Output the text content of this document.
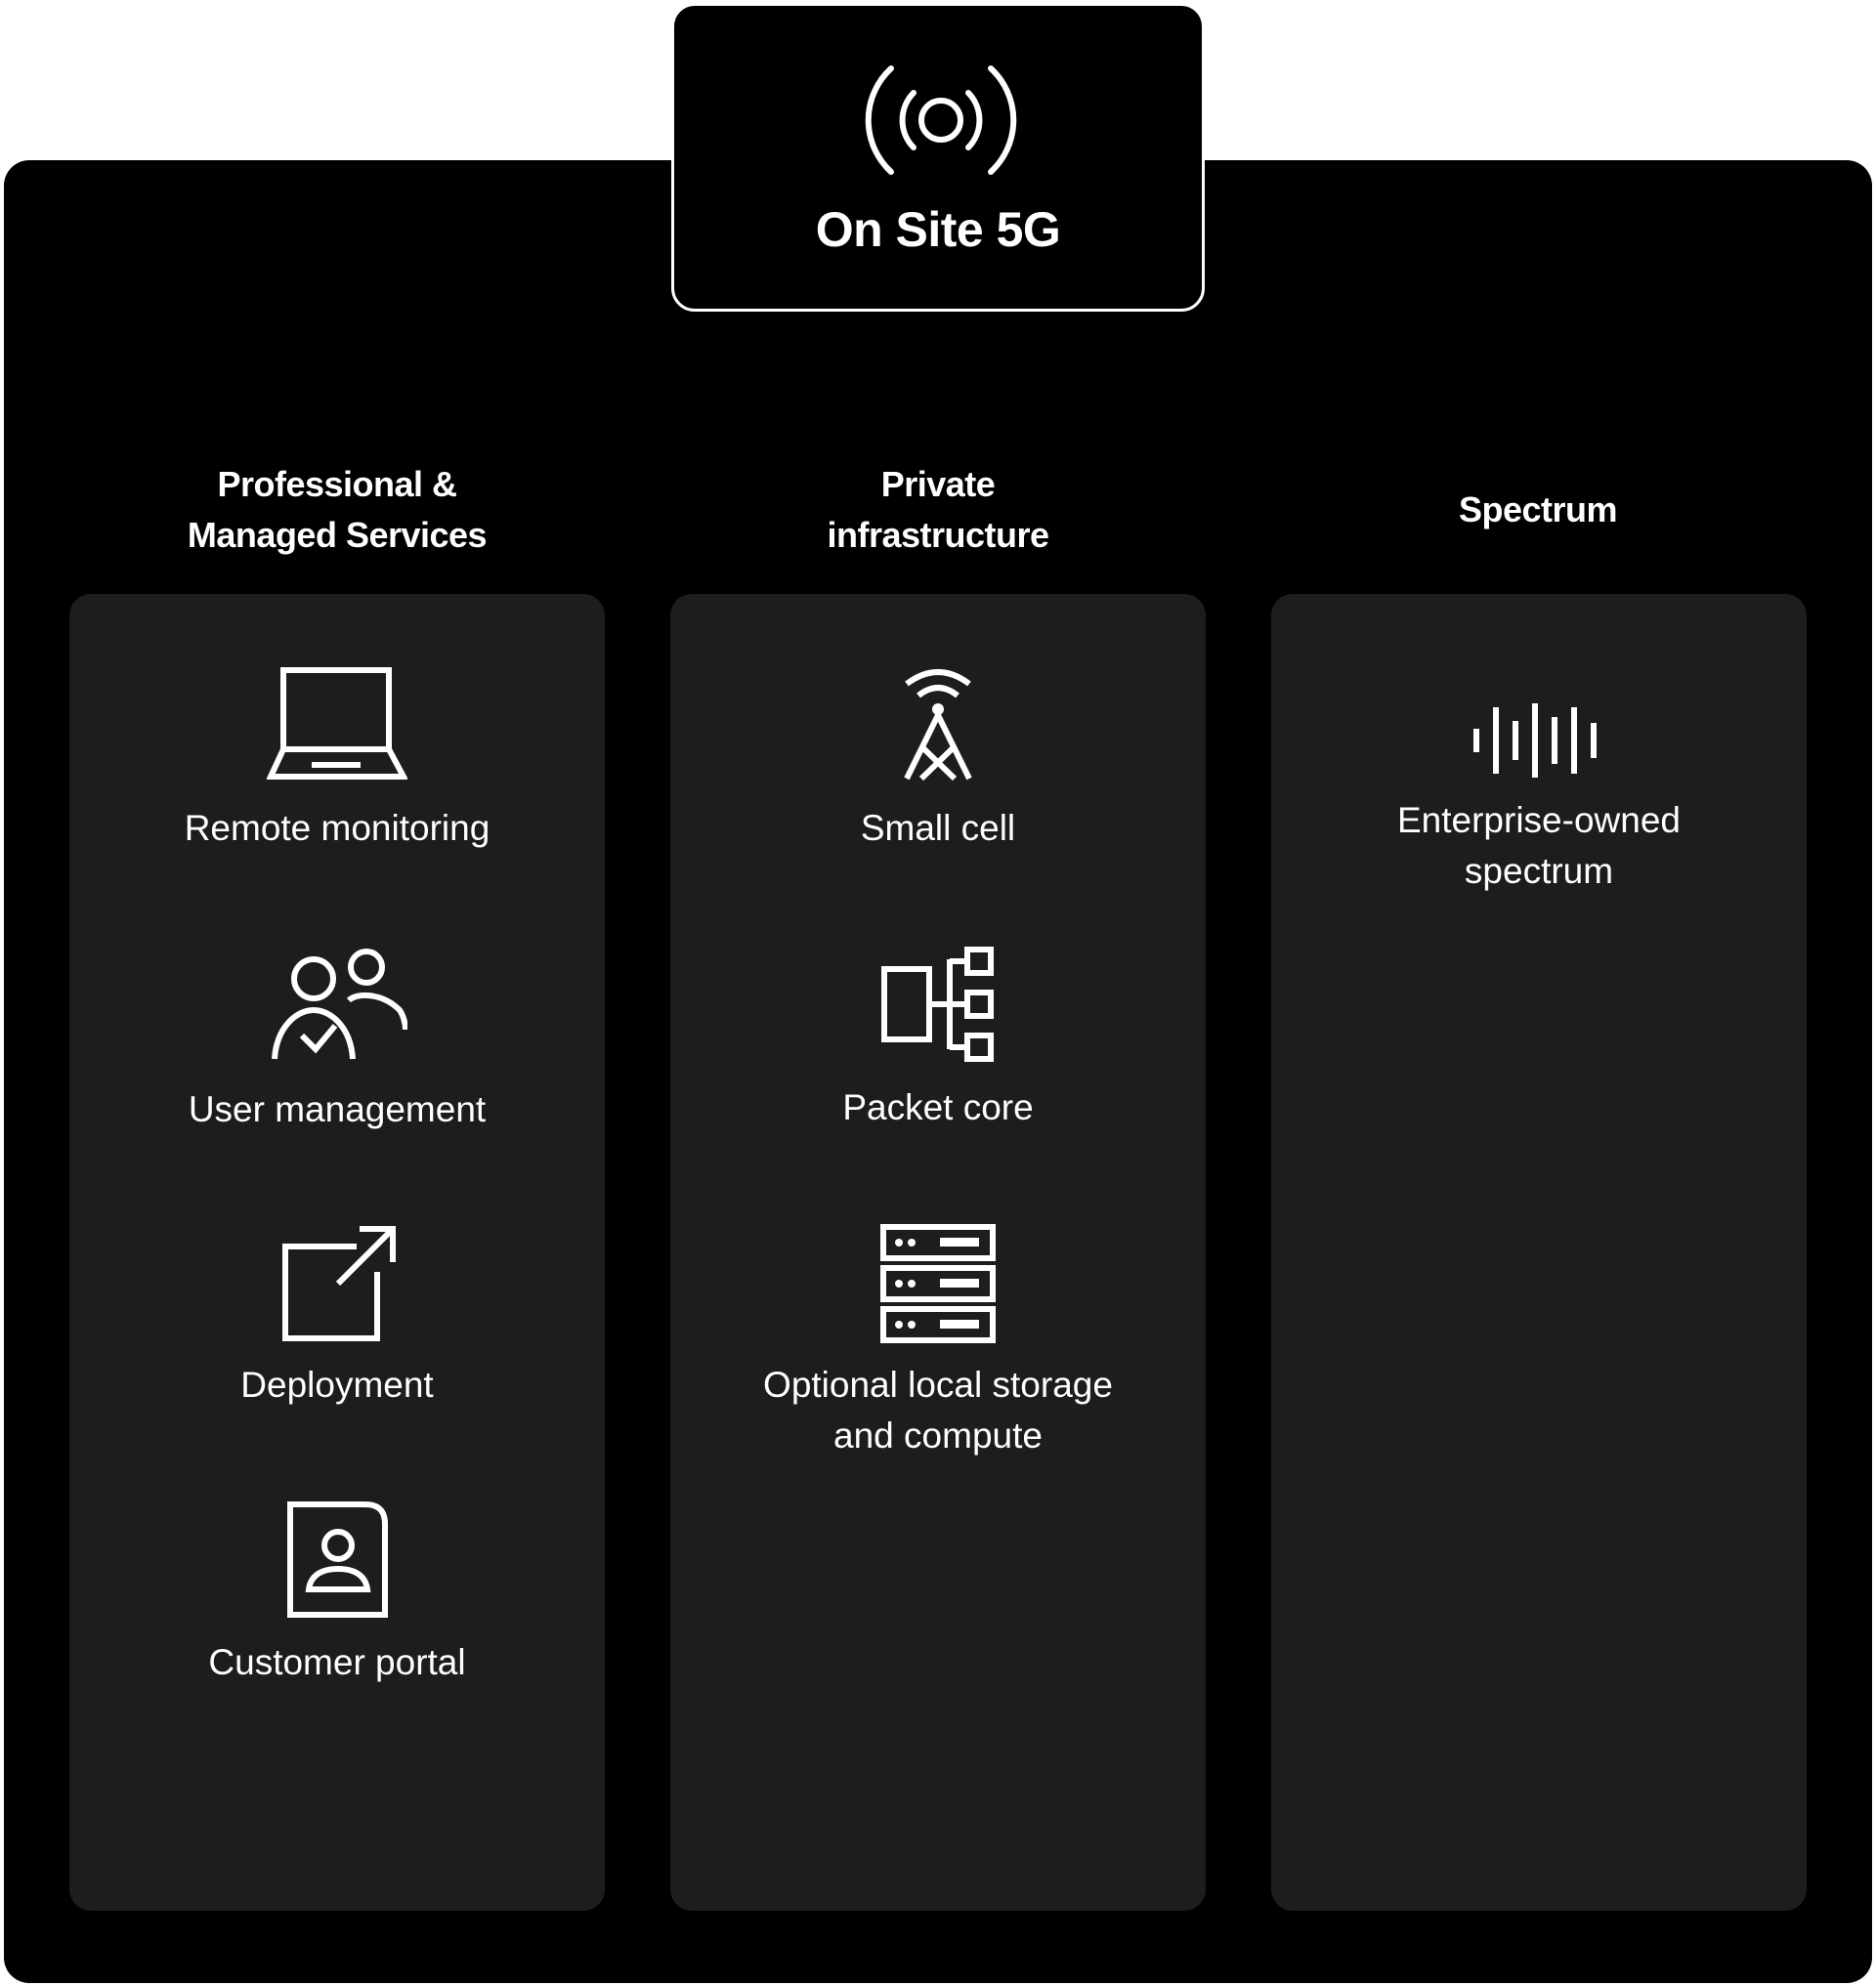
On Site 5G
Professional &
Managed Services
Private
infrastructure
Spectrum
Remote monitoring
User management
Deployment
Customer portal
Small cell
Packet core
Optional local storage
and compute
Enterprise-owned
spectrum
